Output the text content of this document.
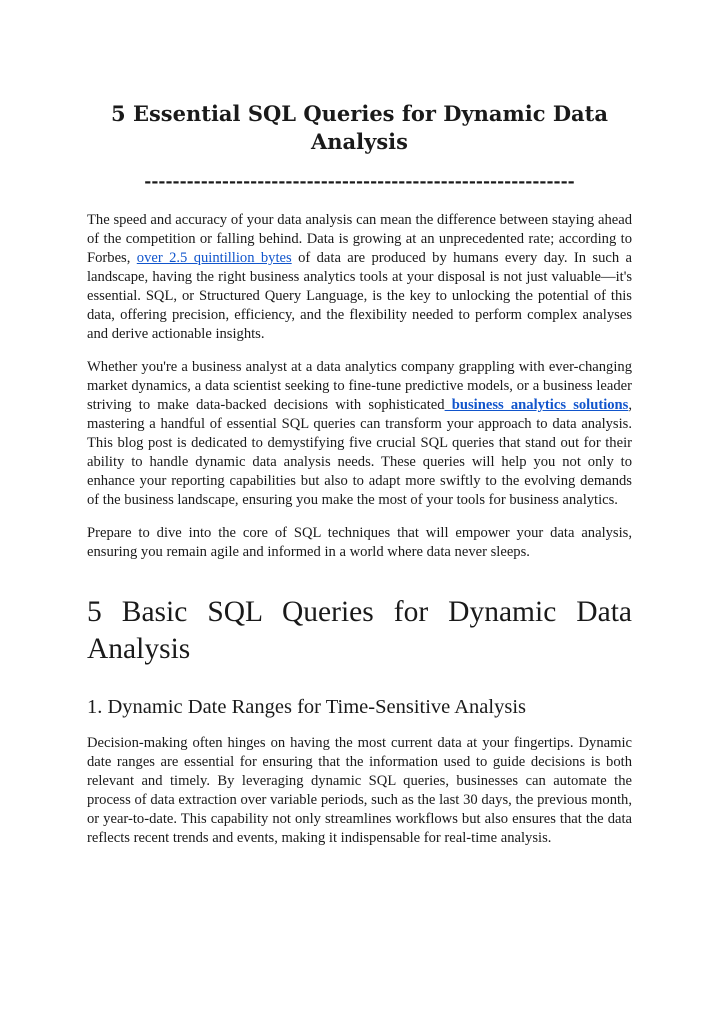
5 Essential SQL Queries for Dynamic Data Analysis
-------------------------------------------------------------

The speed and accuracy of your data analysis can mean the difference between staying ahead of the competition or falling behind. Data is growing at an unprecedented rate; according to Forbes, over 2.5 quintillion bytes of data are produced by humans every day. In such a landscape, having the right business analytics tools at your disposal is not just valuable—it's essential. SQL, or Structured Query Language, is the key to unlocking the potential of this data, offering precision, efficiency, and the flexibility needed to perform complex analyses and derive actionable insights.

Whether you're a business analyst at a data analytics company grappling with ever-changing market dynamics, a data scientist seeking to fine-tune predictive models, or a business leader striving to make data-backed decisions with sophisticated business analytics solutions, mastering a handful of essential SQL queries can transform your approach to data analysis. This blog post is dedicated to demystifying five crucial SQL queries that stand out for their ability to handle dynamic data analysis needs. These queries will help you not only to enhance your reporting capabilities but also to adapt more swiftly to the evolving demands of the business landscape, ensuring you make the most of your tools for business analytics.

Prepare to dive into the core of SQL techniques that will empower your data analysis, ensuring you remain agile and informed in a world where data never sleeps.

5 Basic SQL Queries for Dynamic Data Analysis
1. Dynamic Date Ranges for Time-Sensitive Analysis

Decision-making often hinges on having the most current data at your fingertips. Dynamic date ranges are essential for ensuring that the information used to guide decisions is both relevant and timely. By leveraging dynamic SQL queries, businesses can automate the process of data extraction over variable periods, such as the last 30 days, the previous month, or year-to-date. This capability not only streamlines workflows but also ensures that the data reflects recent trends and events, making it indispensable for real-time analysis.
